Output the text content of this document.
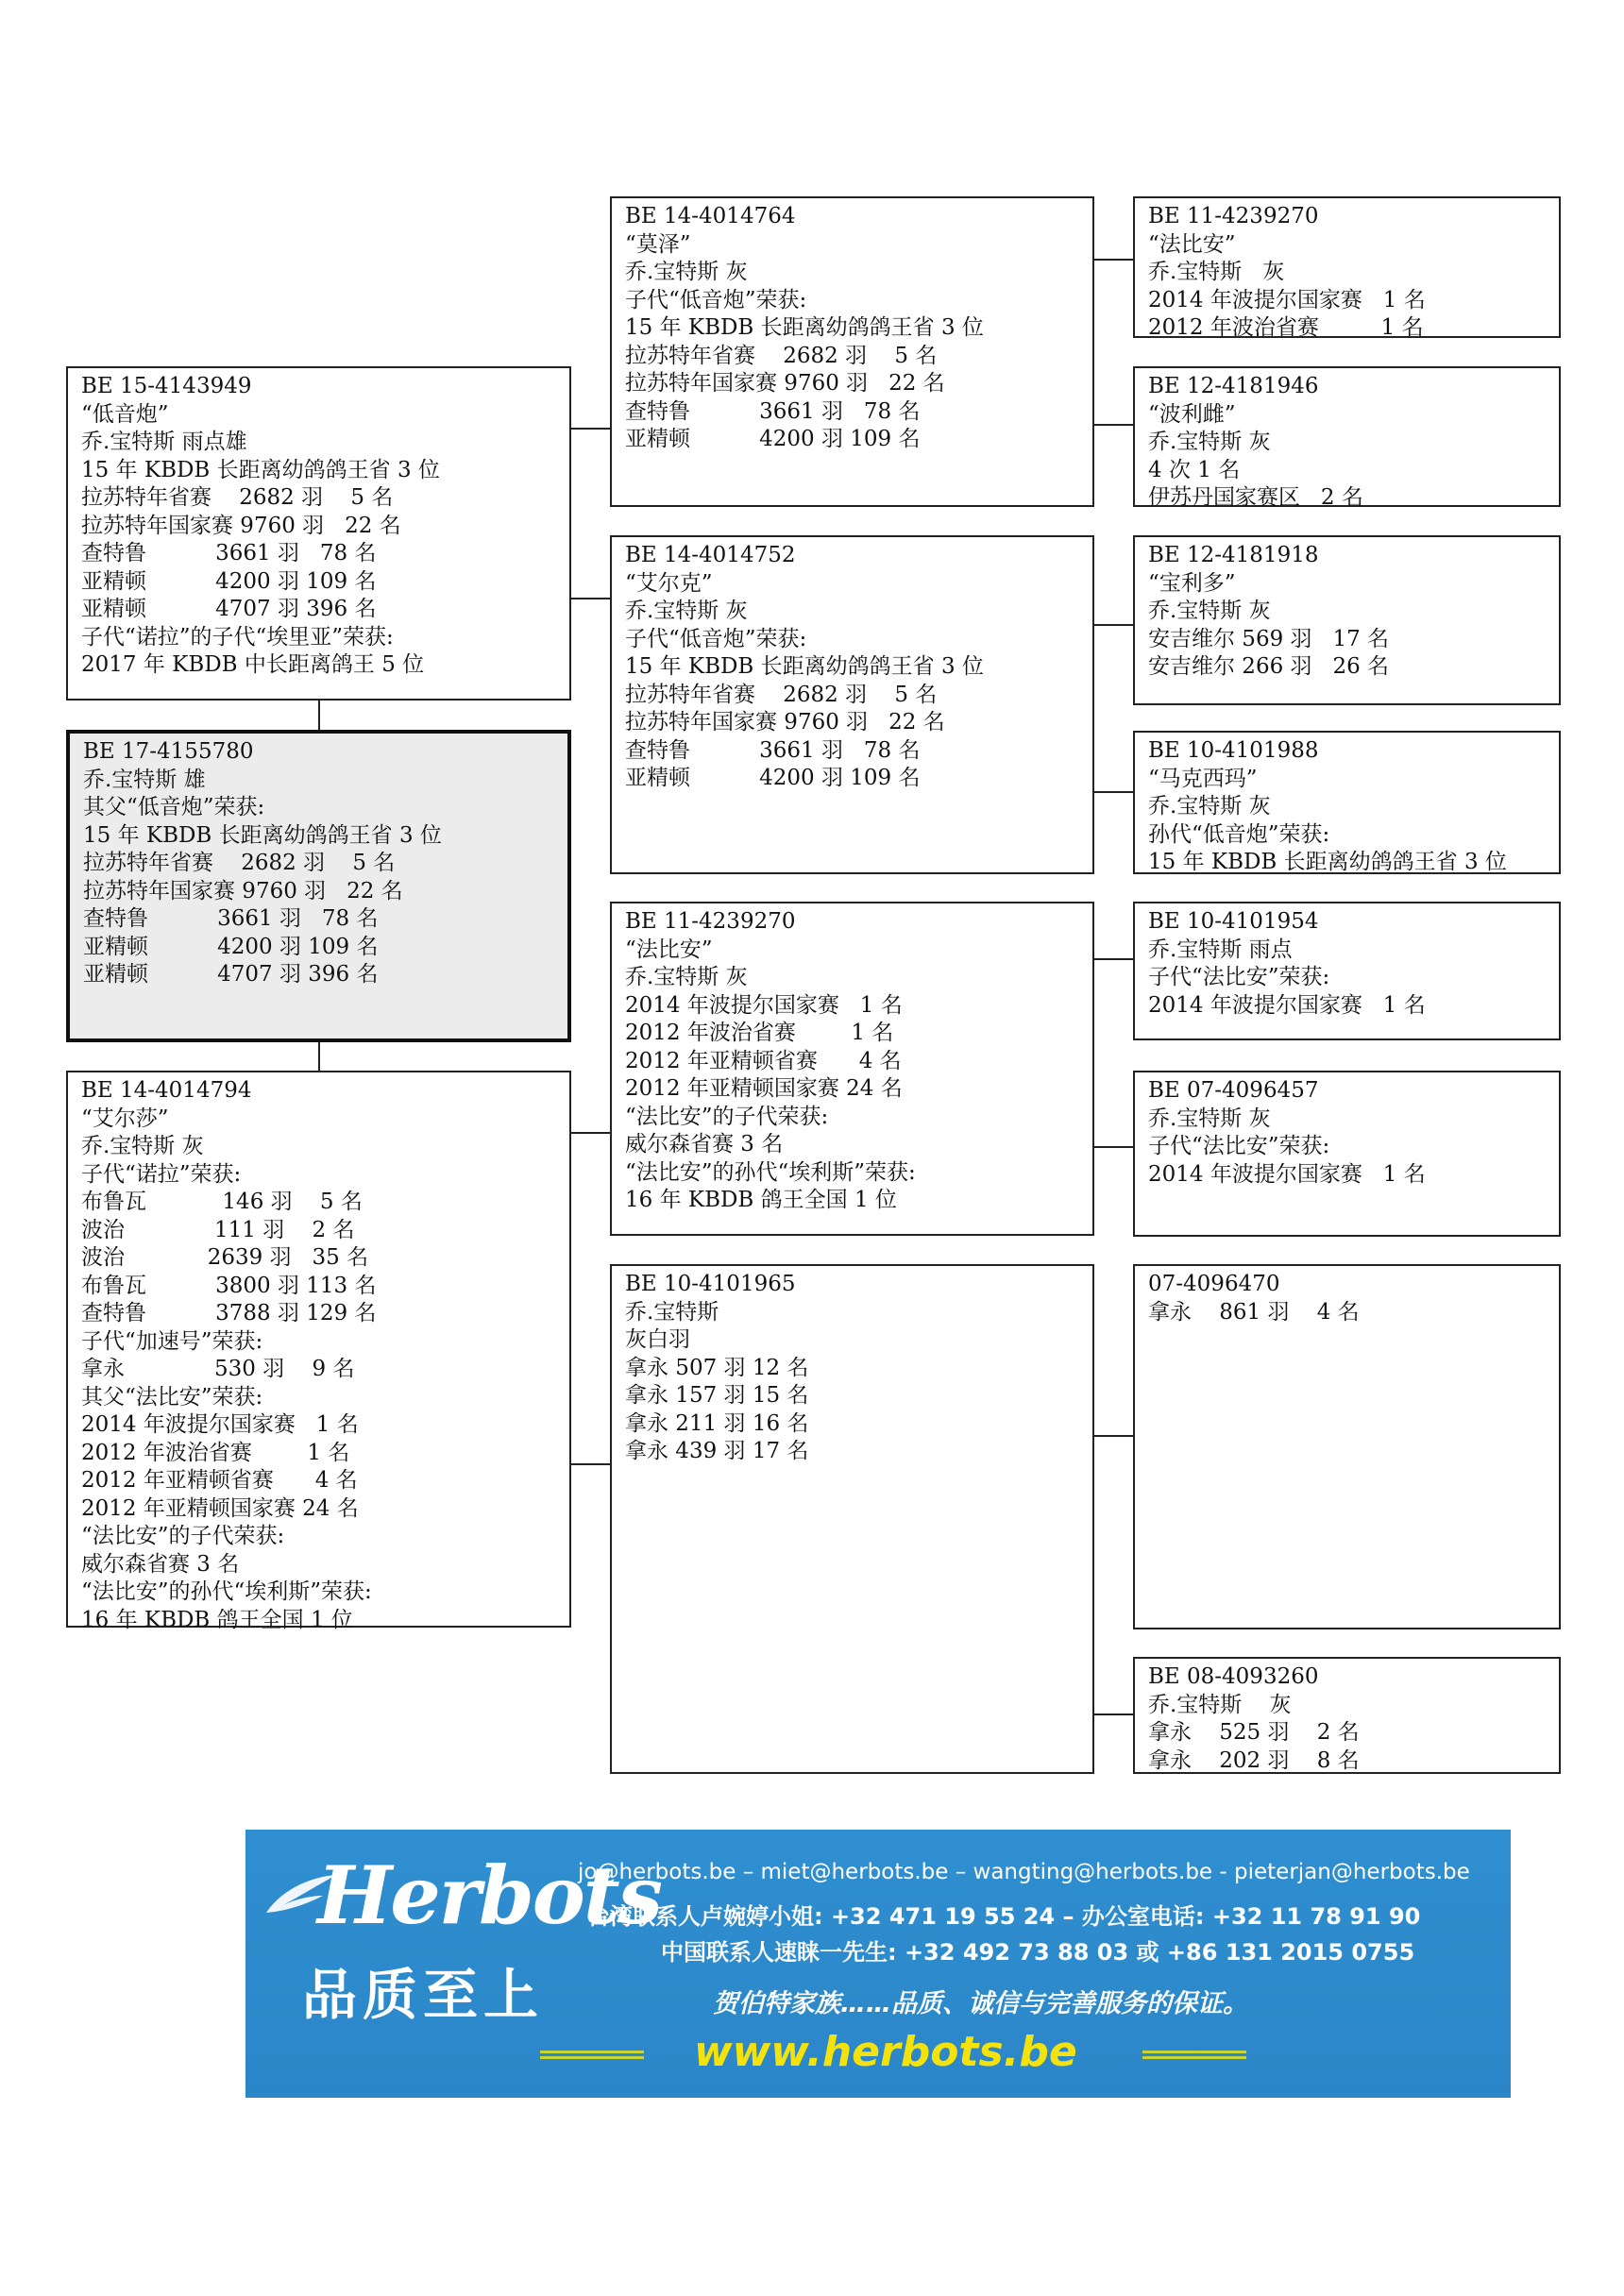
BE 15-4143949
“低音炮”
乔.宝特斯 雨点雄
15 年 KBDB 长距离幼鸽鸽王省 3 位
拉苏特年省赛    2682 羽    5 名
拉苏特年国家赛 9760 羽   22 名
查特鲁          3661 羽   78 名
亚精顿          4200 羽 109 名
亚精顿          4707 羽 396 名
子代“诺拉”的子代“埃里亚”荣获:
2017 年 KBDB 中长距离鸽王 5 位
BE 17-4155780
乔.宝特斯 雄
其父“低音炮”荣获:
15 年 KBDB 长距离幼鸽鸽王省 3 位
拉苏特年省赛    2682 羽    5 名
拉苏特年国家赛 9760 羽   22 名
查特鲁          3661 羽   78 名
亚精顿          4200 羽 109 名
亚精顿          4707 羽 396 名
BE 14-4014794
“艾尔莎”
乔.宝特斯 灰
子代“诺拉”荣获:
布鲁瓦           146 羽    5 名
波治             111 羽    2 名
波治            2639 羽   35 名
布鲁瓦          3800 羽 113 名
查特鲁          3788 羽 129 名
子代“加速号”荣获:
拿永             530 羽    9 名
其父“法比安”荣获:
2014 年波提尔国家赛   1 名
2012 年波治省赛        1 名
2012 年亚精顿省赛      4 名
2012 年亚精顿国家赛 24 名
“法比安”的子代荣获:
威尔森省赛 3 名
“法比安”的孙代“埃利斯”荣获:
16 年 KBDB 鸽王全国 1 位
BE 14-4014764
“莫泽”
乔.宝特斯 灰
子代“低音炮”荣获:
15 年 KBDB 长距离幼鸽鸽王省 3 位
拉苏特年省赛    2682 羽    5 名
拉苏特年国家赛 9760 羽   22 名
查特鲁          3661 羽   78 名
亚精顿          4200 羽 109 名
BE 14-4014752
“艾尔克”
乔.宝特斯 灰
子代“低音炮”荣获:
15 年 KBDB 长距离幼鸽鸽王省 3 位
拉苏特年省赛    2682 羽    5 名
拉苏特年国家赛 9760 羽   22 名
查特鲁          3661 羽   78 名
亚精顿          4200 羽 109 名
BE 11-4239270
“法比安”
乔.宝特斯 灰
2014 年波提尔国家赛   1 名
2012 年波治省赛        1 名
2012 年亚精顿省赛      4 名
2012 年亚精顿国家赛 24 名
“法比安”的子代荣获:
威尔森省赛 3 名
“法比安”的孙代“埃利斯”荣获:
16 年 KBDB 鸽王全国 1 位
BE 10-4101965
乔.宝特斯
灰白羽
拿永 507 羽 12 名
拿永 157 羽 15 名
拿永 211 羽 16 名
拿永 439 羽 17 名
BE 11-4239270
“法比安”
乔.宝特斯   灰
2014 年波提尔国家赛   1 名
2012 年波治省赛         1 名
BE 12-4181946
“波利雌”
乔.宝特斯 灰
4 次 1 名
伊苏丹国家赛区   2 名
BE 12-4181918
“宝利多”
乔.宝特斯 灰
安吉维尔 569 羽   17 名
安吉维尔 266 羽   26 名
BE 10-4101988
“马克西玛”
乔.宝特斯 灰
孙代“低音炮”荣获:
15 年 KBDB 长距离幼鸽鸽王省 3 位
BE 10-4101954
乔.宝特斯 雨点
子代“法比安”荣获:
2014 年波提尔国家赛   1 名
BE 07-4096457
乔.宝特斯 灰
子代“法比安”荣获:
2014 年波提尔国家赛   1 名
07-4096470
拿永    861 羽    4 名
BE 08-4093260
乔.宝特斯    灰
拿永    525 羽    2 名
拿永    202 羽    8 名
Herbots
品质至上
jo@herbots.be – miet@herbots.be – wangting@herbots.be - pieterjan@herbots.be
台湾联系人卢婉婷小姐: +32 471 19 55 24 – 办公室电话: +32 11 78 91 90
中国联系人速睐一先生: +32 492 73 88 03 或 +86 131 2015 0755
贺伯特家族……品质、诚信与完善服务的保证。
www.herbots.be
